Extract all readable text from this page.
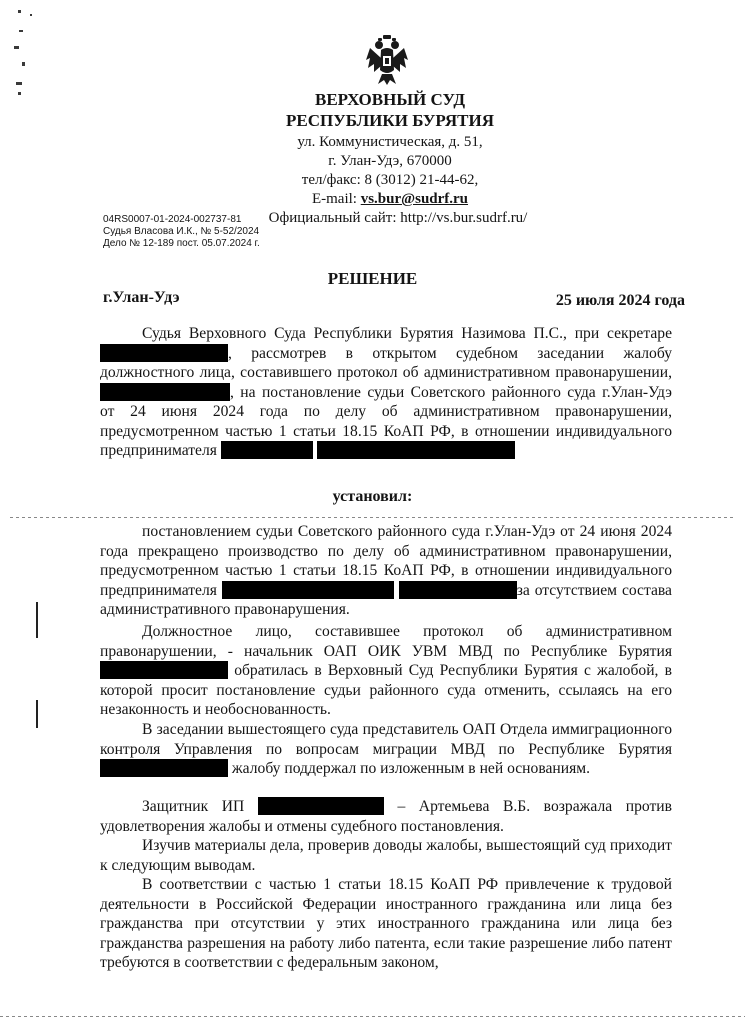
ВЕРХОВНЫЙ СУД
РЕСПУБЛИКИ БУРЯТИЯ
ул. Коммунистическая, д. 51,
г. Улан-Удэ, 670000
тел/факс: 8 (3012) 21-44-62,
E-mail: vs.bur@sudrf.ru
Официальный сайт: http://vs.bur.sudrf.ru/
04RS0007-01-2024-002737-81
Судья Власова И.К., № 5-52/2024
Дело № 12-189 пост. 05.07.2024 г.
РЕШЕНИЕ
г.Улан-Удэ	25 июля 2024 года

Судья Верховного Суда Республики Бурятия Назимова П.С., при секретаре , рассмотрев в открытом судебном заседании жалобу должностного лица, составившего протокол об административном правонарушении, , на постановление судьи Советского районного суда г.Улан-Удэ от 24 июня 2024 года по делу об административном правонарушении, предусмотренном частью 1 статьи 18.15 КоАП РФ, в отношении индивидуального предпринимателя

установил:

постановлением судьи Советского районного суда г.Улан-Удэ от 24 июня 2024 года прекращено производство по делу об административном правонарушении, предусмотренном частью 1 статьи 18.15 КоАП РФ, в отношении индивидуального предпринимателя	за отсутствием состава административного правонарушения.

Должностное лицо, составившее протокол об административном правонарушении, - начальник ОАП ОИК УВМ МВД по Республике Бурятия  обратилась в Верховный Суд Республики Бурятия с жалобой, в которой просит постановление судьи районного суда отменить, ссылаясь на его незаконность и необоснованность.

В заседании вышестоящего суда представитель ОАП Отдела иммиграционного контроля Управления по вопросам миграции МВД по Республике Бурятия  жалобу поддержал по изложенным в ней основаниям.

Защитник ИП	– Артемьева В.Б. возражала против удовлетворения жалобы и отмены судебного постановления.

Изучив материалы дела, проверив доводы жалобы, вышестоящий суд приходит к следующим выводам.

В соответствии с частью 1 статьи 18.15 КоАП РФ привлечение к трудовой деятельности в Российской Федерации иностранного гражданина или лица без гражданства при отсутствии у этих иностранного гражданина или лица без гражданства разрешения на работу либо патента, если такие разрешение либо патент требуются в соответствии с федеральным законом,
